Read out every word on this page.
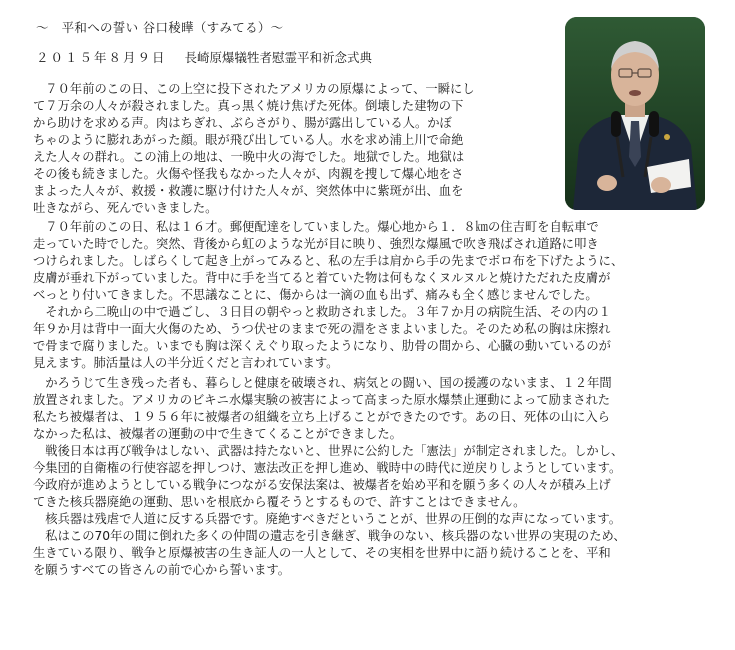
～　平和への誓い 谷口稜曄（すみてる）～
２０１５年８月９日 長崎原爆犠牲者慰霊平和祈念式典
　７０年前のこの日、この上空に投下されたアメリカの原爆によって、一瞬にし
て７万余の人々が殺されました。真っ黒く焼け焦げた死体。倒壊した建物の下
から助けを求める声。肉はちぎれ、ぶらさがり、腸が露出している人。かぼ
ちゃのように膨れあがった顔。眼が飛び出している人。水を求め浦上川で命絶
えた人々の群れ。この浦上の地は、一晩中火の海でした。地獄でした。地獄は
その後も続きました。火傷や怪我もなかった人々が、肉親を捜して爆心地をさ
まよった人々が、救援・救護に駆け付けた人々が、突然体中に紫斑が出、血を
吐きながら、死んでいきました。
　７０年前のこの日、私は１６才。郵便配達をしていました。爆心地から１．８㎞の住吉町を自転車で
走っていた時でした。突然、背後から虹のような光が目に映り、強烈な爆風で吹き飛ばされ道路に叩き
つけられました。しばらくして起き上がってみると、私の左手は肩から手の先までボロ布を下げたように、
皮膚が垂れ下がっていました。背中に手を当てると着ていた物は何もなくヌルヌルと焼けただれた皮膚が
べっとり付いてきました。不思議なことに、傷からは一滴の血も出ず、痛みも全く感じませんでした。
　それから二晩山の中で過ごし、３日目の朝やっと救助されました。３年７か月の病院生活、その内の１
年９か月は背中一面大火傷のため、うつ伏せのままで死の淵をさまよいました。そのため私の胸は床擦れ
で骨まで腐りました。いまでも胸は深くえぐり取ったようになり、肋骨の間から、心臓の動いているのが
見えます。肺活量は人の半分近くだと言われています。
　かろうじて生き残った者も、暮らしと健康を破壊され、病気との闘い、国の援護のないまま、１２年間
放置されました。アメリカのビキニ水爆実験の被害によって高まった原水爆禁止運動によって励まされた
私たち被爆者は、１９５６年に被爆者の組織を立ち上げることができたのです。あの日、死体の山に入ら
なかった私は、被爆者の運動の中で生きてくることができました。
　戦後日本は再び戦争はしない、武器は持たないと、世界に公約した「憲法」が制定されました。しかし、
今集団的自衛権の行使容認を押しつけ、憲法改正を押し進め、戦時中の時代に逆戻りしようとしています。
今政府が進めようとしている戦争につながる安保法案は、被爆者を始め平和を願う多くの人々が積み上げ
てきた核兵器廃絶の運動、思いを根底から覆そうとするもので、許すことはできません。
　核兵器は残虐で人道に反する兵器です。廃絶すべきだということが、世界の圧倒的な声になっています。
　私はこの70年の間に倒れた多くの仲間の遺志を引き継ぎ、戦争のない、核兵器のない世界の実現のため、
生きている限り、戦争と原爆被害の生き証人の一人として、その実相を世界中に語り続けることを、平和
を願うすべての皆さんの前で心から誓います。
